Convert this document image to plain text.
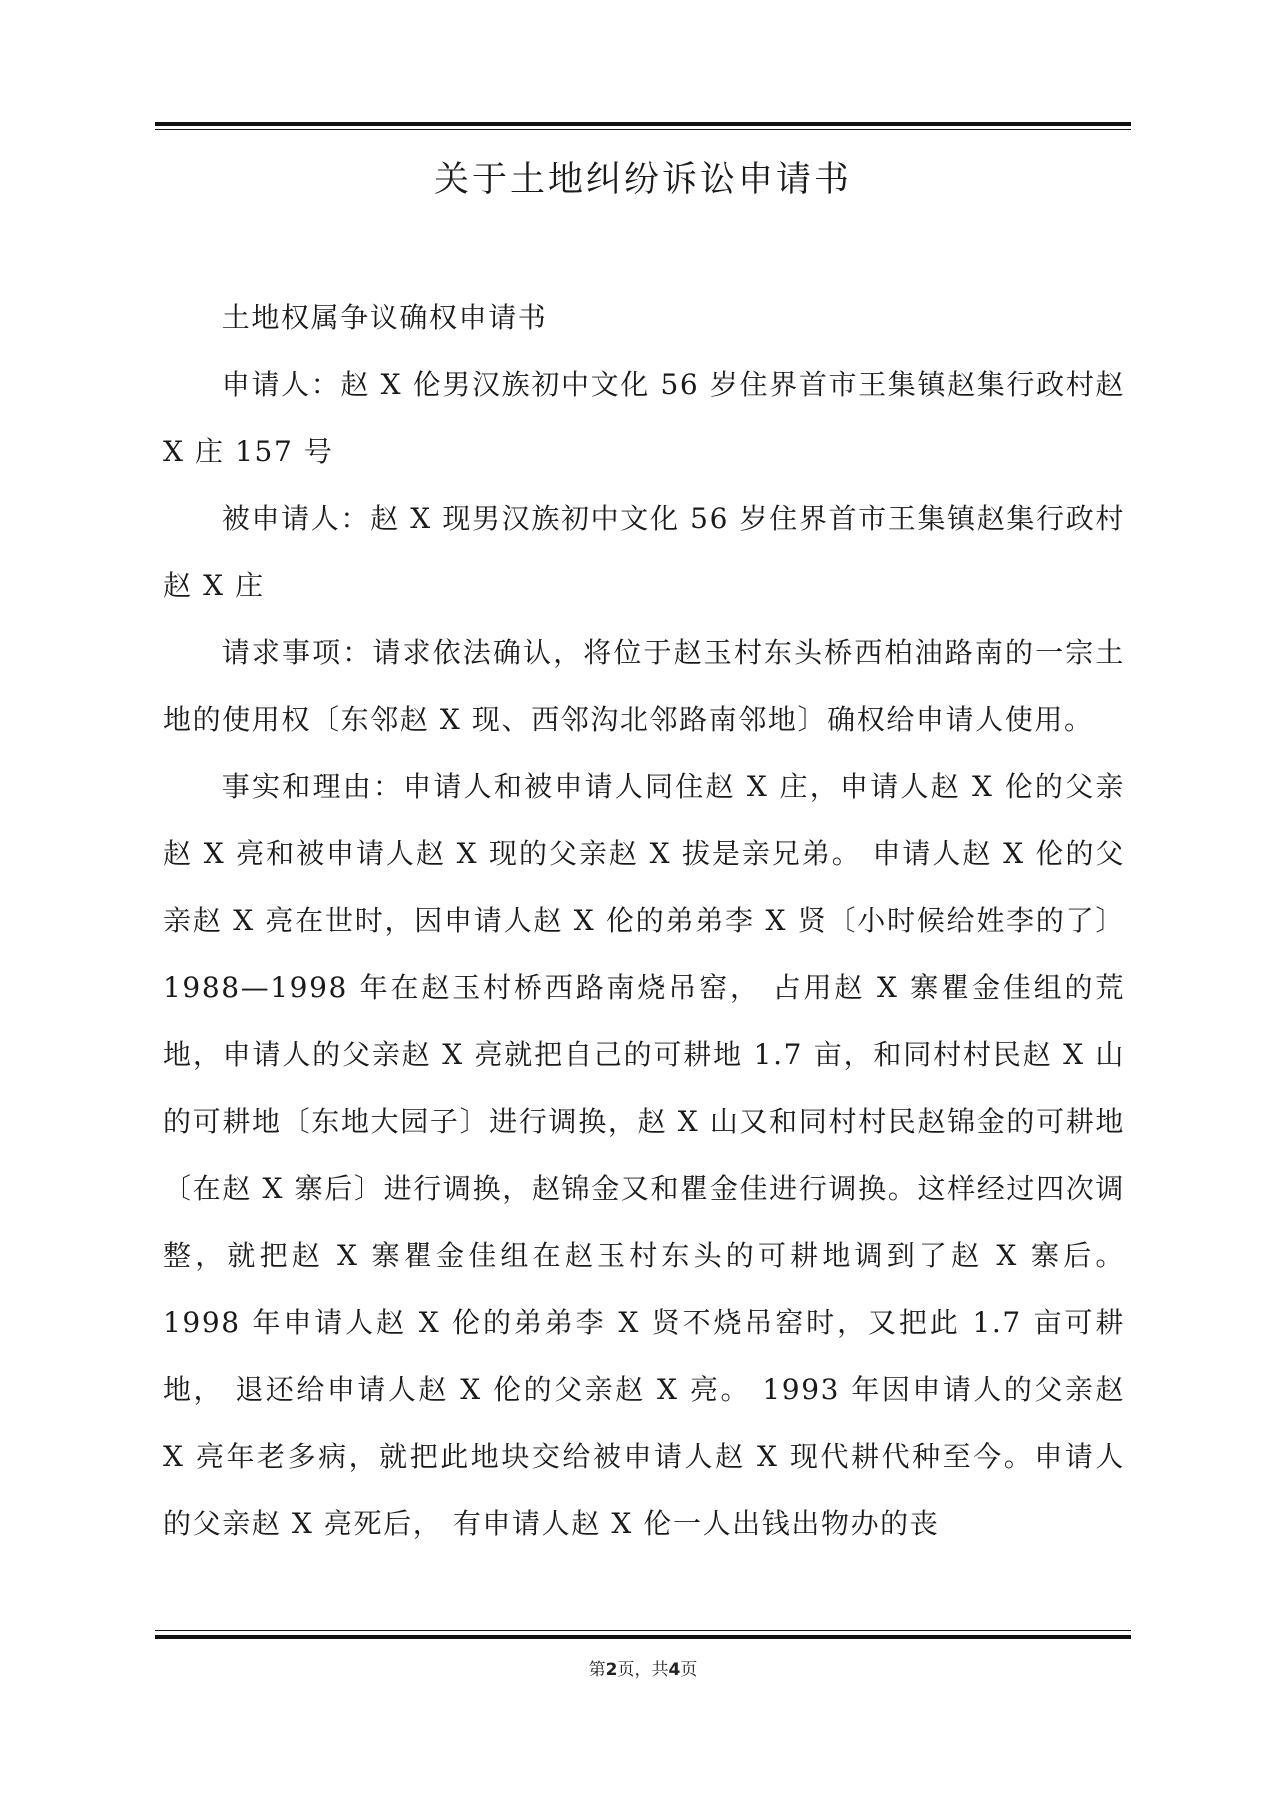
关于土地纠纷诉讼申请书

土地权属争议确权申请书

申请人：赵 X 伦男汉族初中文化 56 岁住界首市王集镇赵集行政村赵 X 庄 157 号

被申请人：赵 X 现男汉族初中文化 56 岁住界首市王集镇赵集行政村赵 X 庄

请求事项：请求依法确认，将位于赵玉村东头桥西柏油路南的一宗土地的使用权〔东邻赵 X 现、西邻沟北邻路南邻地〕确权给申请人使用。

事实和理由：申请人和被申请人同住赵 X 庄，申请人赵 X 伦的父亲赵 X 亮和被申请人赵 X 现的父亲赵 X 拔是亲兄弟。 申请人赵 X 伦的父亲赵 X 亮在世时，因申请人赵 X 伦的弟弟李 X 贤〔小时候给姓李的了〕 1988—1998 年在赵玉村桥西路南烧吊窑， 占用赵 X 寨瞿金佳组的荒地，申请人的父亲赵 X 亮就把自己的可耕地 1.7 亩，和同村村民赵 X 山的可耕地〔东地大园子〕进行调换，赵 X 山又和同村村民赵锦金的可耕地〔在赵 X 寨后〕进行调换，赵锦金又和瞿金佳进行调换。这样经过四次调整，就把赵 X 寨瞿金佳组在赵玉村东头的可耕地调到了赵 X 寨后。 1998 年申请人赵 X 伦的弟弟李 X 贤不烧吊窑时，又把此 1.7 亩可耕地， 退还给申请人赵 X 伦的父亲赵 X 亮。 1993 年因申请人的父亲赵 X 亮年老多病，就把此地块交给被申请人赵 X 现代耕代种至今。申请人的父亲赵 X 亮死后， 有申请人赵 X 伦一人出钱出物办的丧

第2页，共4页
